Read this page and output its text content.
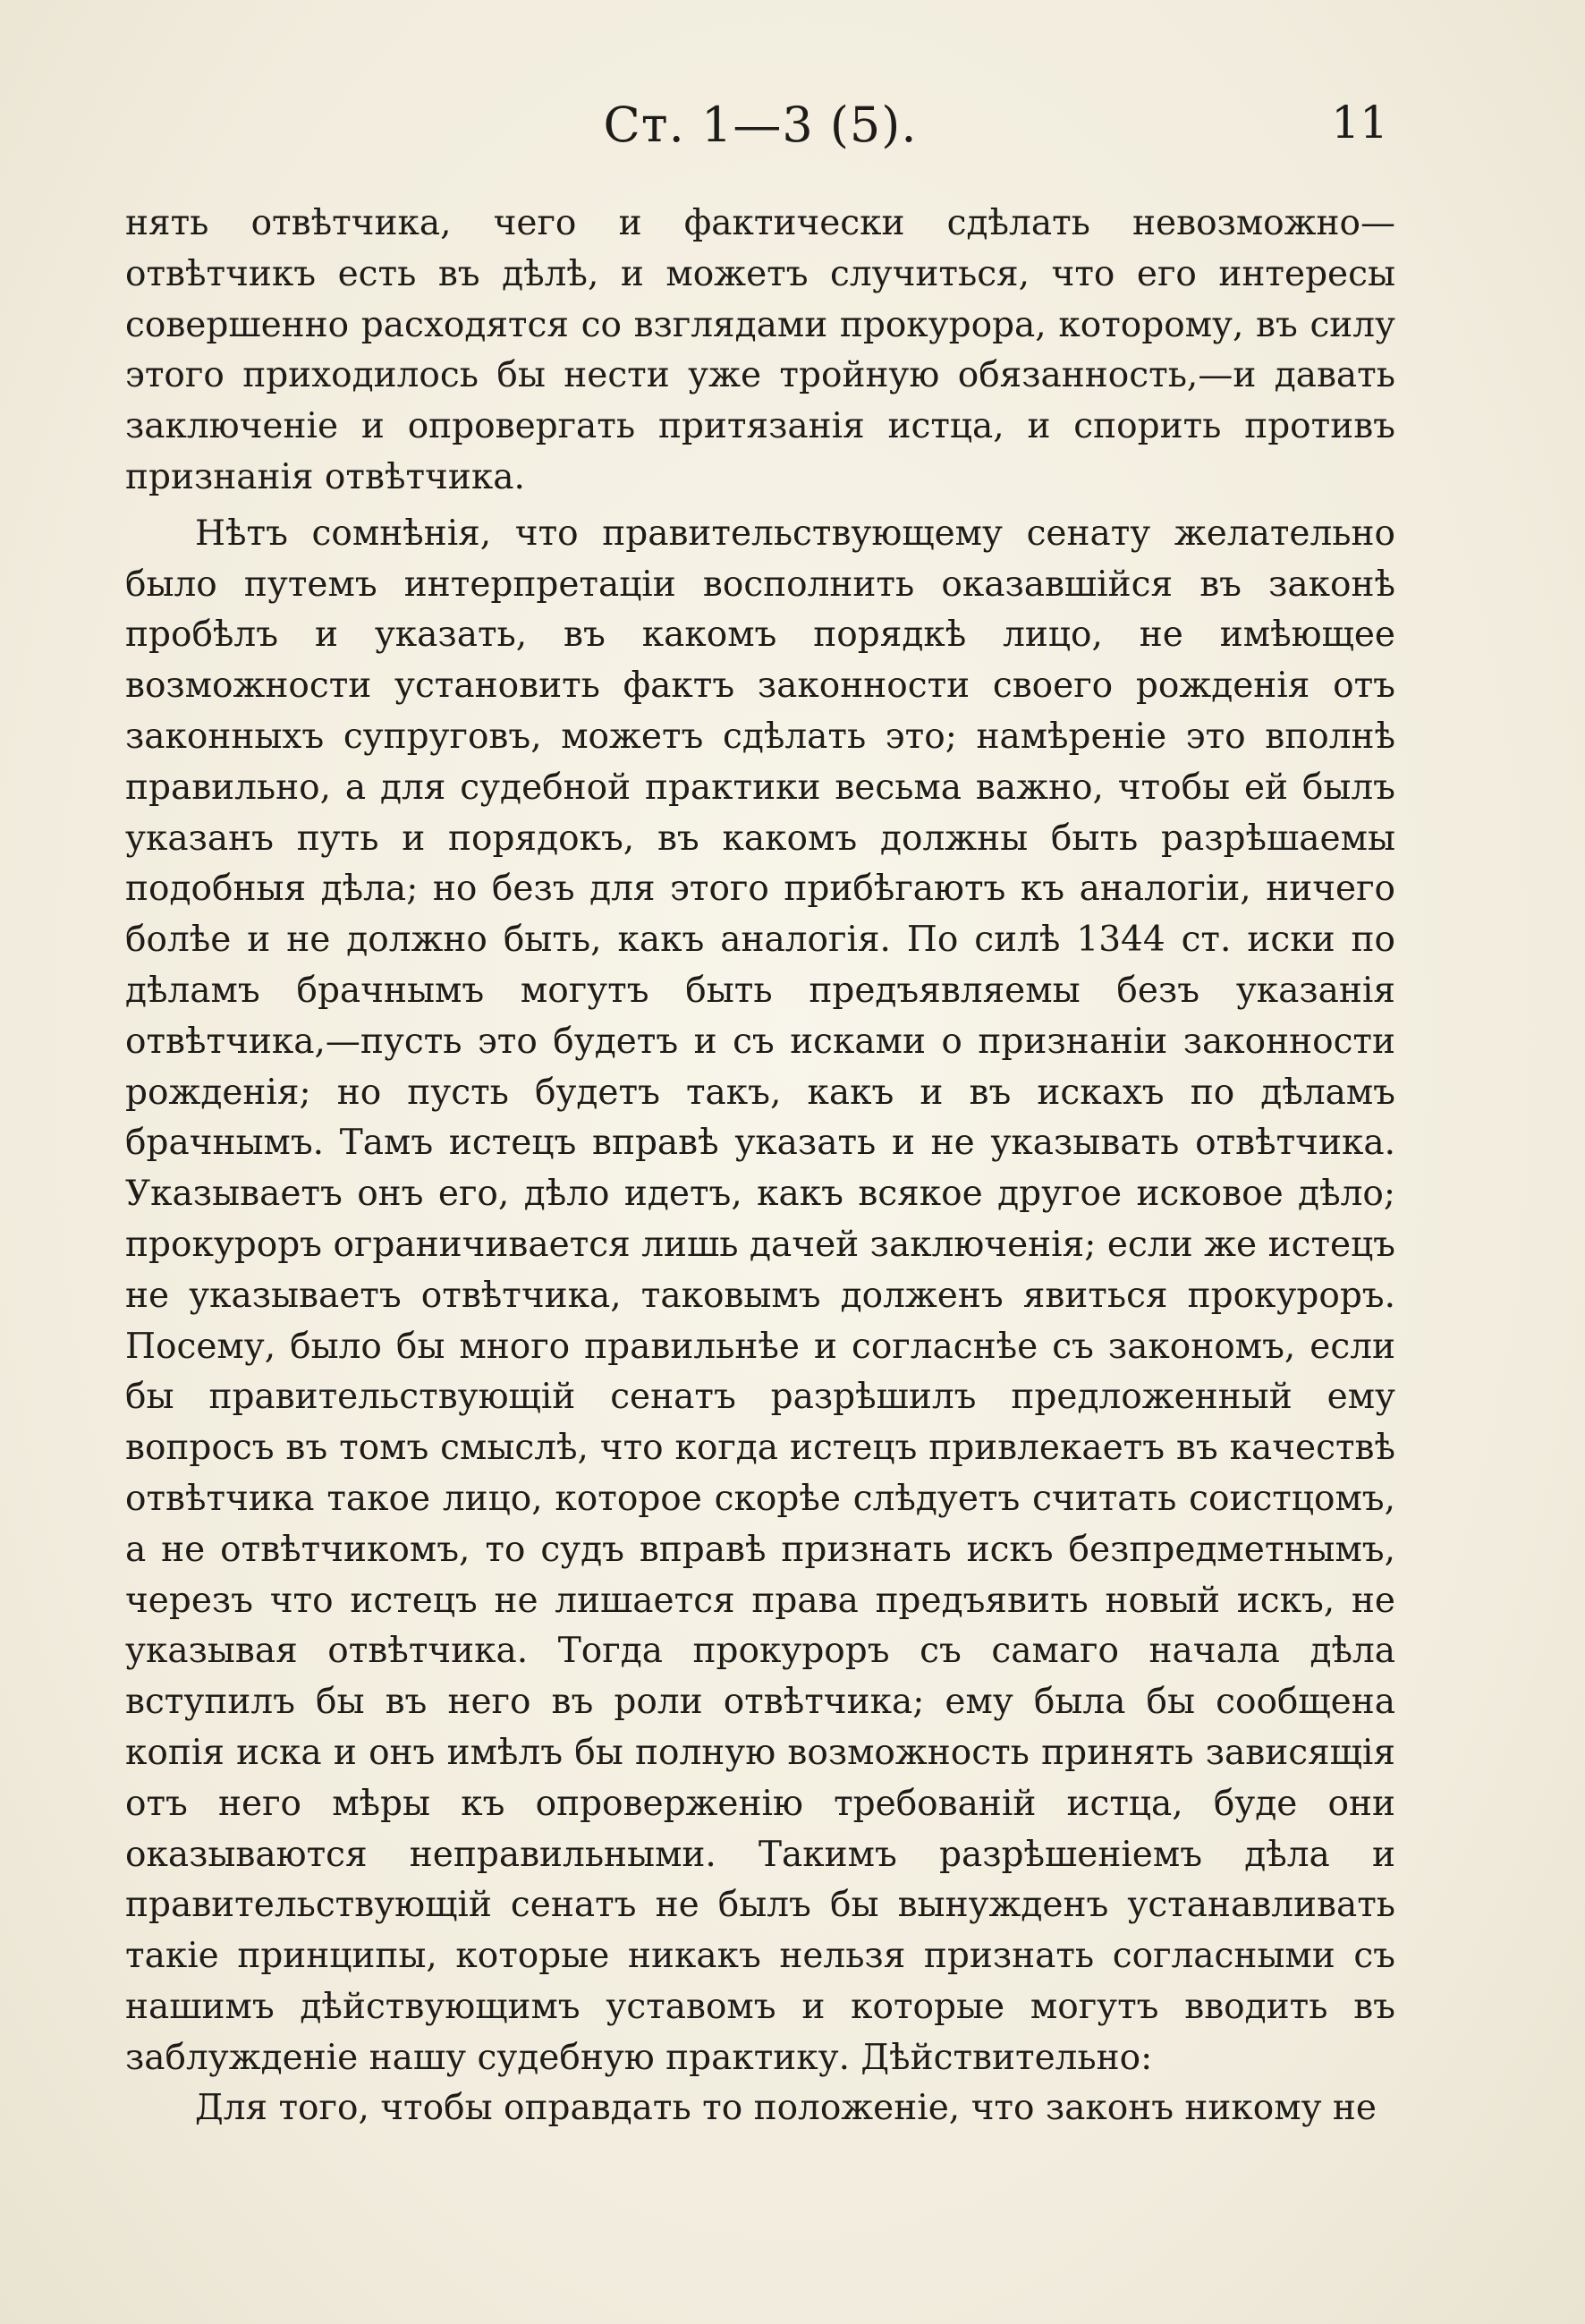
Ст. 1—3 (5).	11

нять отвѣтчика, чего и фактически сдѣлать невозможно—отвѣтчикъ есть въ дѣлѣ, и можетъ случиться, что его интересы совершенно расходятся со взглядами прокурора, которому, въ силу этого приходилось бы нести уже тройную обязанность,—и давать заключеніе и опровергать притязанія истца, и спорить противъ признанія отвѣтчика.

Нѣтъ сомнѣнія, что правительствующему сенату желательно было путемъ интерпретаціи восполнить оказавшійся въ законѣ пробѣлъ и указать, въ какомъ порядкѣ лицо, не имѣющее возможности установить фактъ законности своего рожденія отъ законныхъ супруговъ, можетъ сдѣлать это; намѣреніе это вполнѣ правильно, а для судебной практики весьма важно, чтобы ей былъ указанъ путь и порядокъ, въ какомъ должны быть разрѣшаемы подобныя дѣла; но безъ для этого прибѣгаютъ къ аналогіи, ничего болѣе и не должно быть, какъ аналогія. По силѣ 1344 ст. иски по дѣламъ брачнымъ могутъ быть предъявляемы безъ указанія отвѣтчика,—пусть это будетъ и съ исками о признаніи законности рожденія; но пусть будетъ такъ, какъ и въ искахъ по дѣламъ брачнымъ. Тамъ истецъ вправѣ указать и не указывать отвѣтчика. Указываетъ онъ его, дѣло идетъ, какъ всякое другое исковое дѣло; прокуроръ ограничивается лишь дачей заключенія; если же истецъ не указываетъ отвѣтчика, таковымъ долженъ явиться прокуроръ. Посему, было бы много правильнѣе и согласнѣе съ закономъ, если бы правительствующій сенатъ разрѣшилъ предложенный ему вопросъ въ томъ смыслѣ, что когда истецъ привлекаетъ въ качествѣ отвѣтчика такое лицо, которое скорѣе слѣдуетъ считать соистцомъ, а не отвѣтчикомъ, то судъ вправѣ признать искъ безпредметнымъ, черезъ что истецъ не лишается права предъявить новый искъ, не указывая отвѣтчика. Тогда прокуроръ съ самаго начала дѣла вступилъ бы въ него въ роли отвѣтчика; ему была бы сообщена копія иска и онъ имѣлъ бы полную возможность принять зависящія отъ него мѣры къ опроверженію требованій истца, буде они оказываются неправильными. Такимъ разрѣшеніемъ дѣла и правительствующій сенатъ не былъ бы вынужденъ устанавливать такіе принципы, которые никакъ нельзя признать согласными съ нашимъ дѣйствующимъ уставомъ и которые могутъ вводить въ заблужденіе нашу судебную практику. Дѣйствительно:

Для того, чтобы оправдать то положеніе, что законъ никому не
